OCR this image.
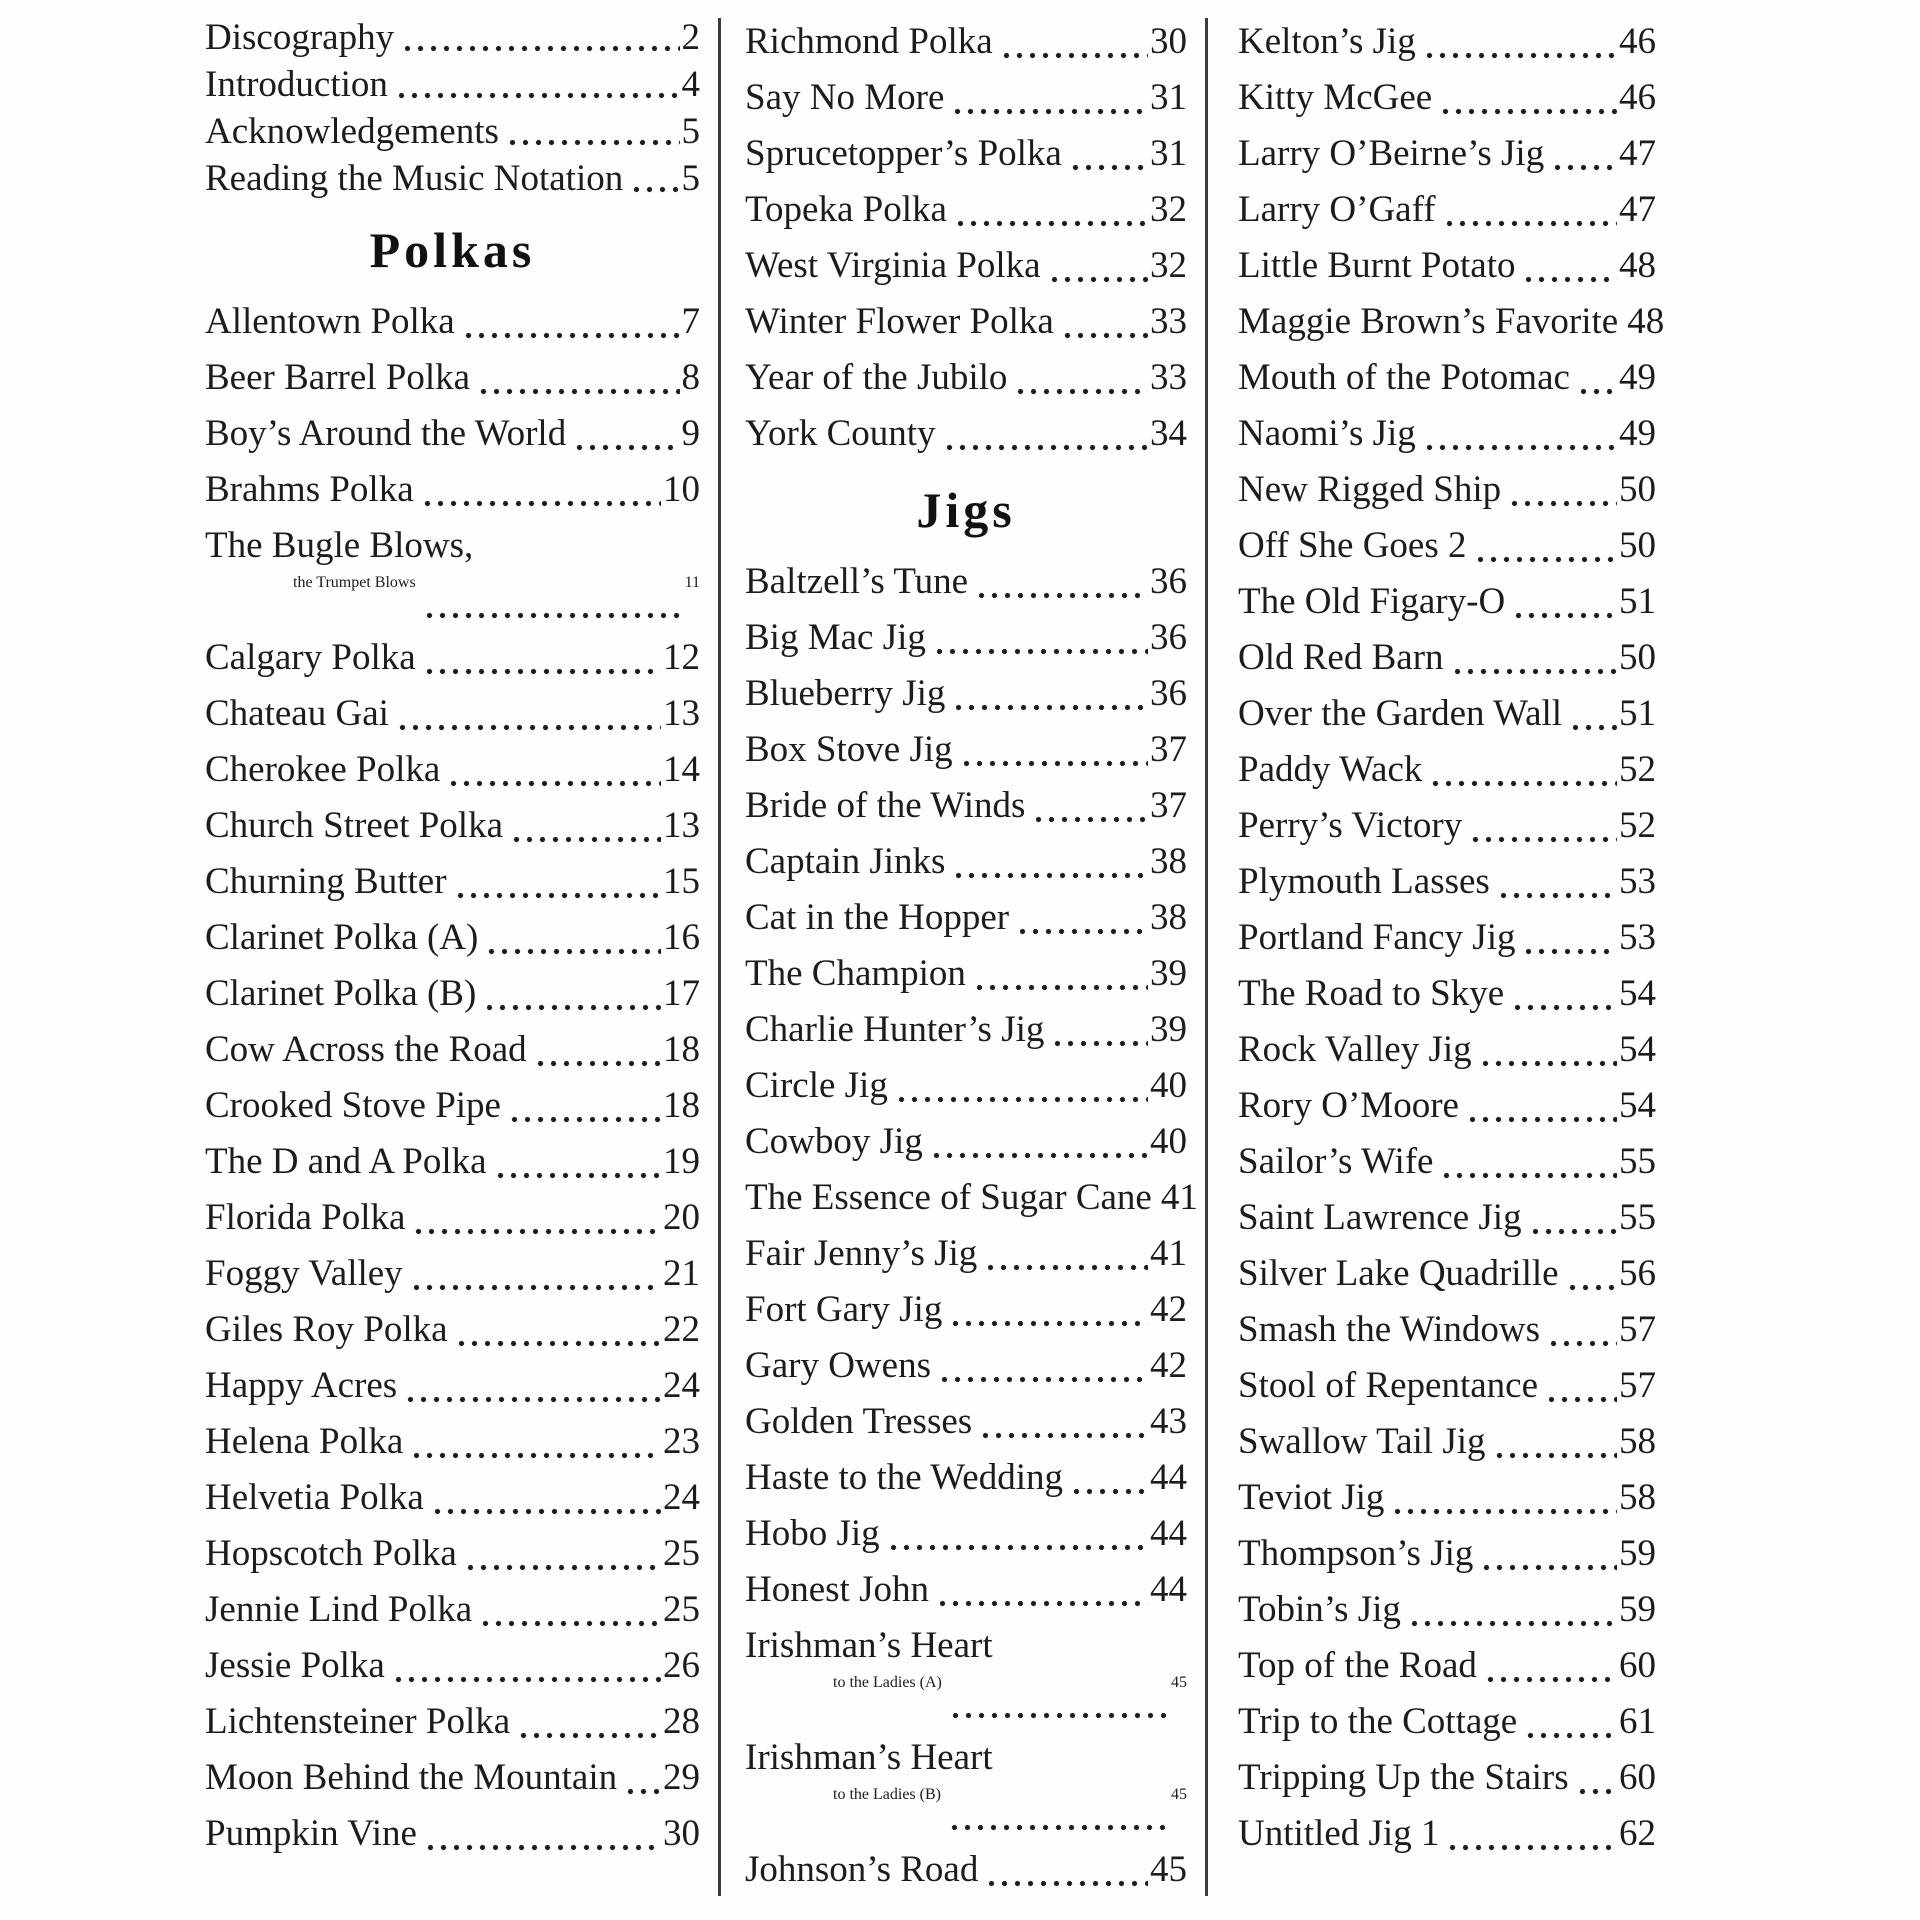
Discography	2
Introduction	4
Acknowledgements	5
Reading the Music Notation 5
Polkas
Allentown Polka	7
Beer Barrel Polka	8
Boy’s Around the World	9
Brahms Polka	10
The Bugle Blows,
the Trumpet Blows	11
Calgary Polka	12
Chateau Gai	13
Cherokee Polka	14
Church Street Polka	13
Churning Butter	15
Clarinet Polka (A)	16
Clarinet Polka (B)	17
Cow Across the Road	18
Crooked Stove Pipe	18
The D and A Polka	19
Florida Polka	20
Foggy Valley	21
Giles Roy Polka	22
Happy Acres	24
Helena Polka	23
Helvetia Polka	24
Hopscotch Polka	25
Jennie Lind Polka	25
Jessie Polka	26
Lichtensteiner Polka	28
Moon Behind the Mountain 29
Pumpkin Vine	30
Richmond Polka	30
Say No More	31
Sprucetopper’s Polka 31
Topeka Polka	32
West Virginia Polka	32
Winter Flower Polka	33
Year of the Jubilo	33
York County	34
Jigs
Baltzell’s Tune	36
Big Mac Jig	36
Blueberry Jig	36
Box Stove Jig	37
Bride of the Winds	37
Captain Jinks	38
Cat in the Hopper	38
The Champion	39
Charlie Hunter’s Jig	39
Circle Jig	40
Cowboy Jig	40
The Essence of Sugar Cane 41
Fair Jenny’s Jig	41
Fort Gary Jig	42
Gary Owens	42
Golden Tresses	43
Haste to the Wedding 44
Hobo Jig	44
Honest John	44
Irishman’s Heart
to the Ladies (A)	45
Irishman’s Heart
to the Ladies (B)	45
Johnson’s Road	45
Kelton’s Jig	46
Kitty McGee	46
Larry O’Beirne’s Jig 47
Larry O’Gaff	47
Little Burnt Potato	48
Maggie Brown’s Favorite 48
Mouth of the Potomac 49
Naomi’s Jig	49
New Rigged Ship	50
Off She Goes 2	50
The Old Figary-O	51
Old Red Barn	50
Over the Garden Wall 51
Paddy Wack	52
Perry’s Victory	52
Plymouth Lasses	53
Portland Fancy Jig	53
The Road to Skye	54
Rock Valley Jig	54
Rory O’Moore	54
Sailor’s Wife	55
Saint Lawrence Jig	55
Silver Lake Quadrille 56
Smash the Windows 57
Stool of Repentance 57
Swallow Tail Jig	58
Teviot Jig	58
Thompson’s Jig	59
Tobin’s Jig	59
Top of the Road	60
Trip to the Cottage	61
Tripping Up the Stairs 60
Untitled Jig 1	62
